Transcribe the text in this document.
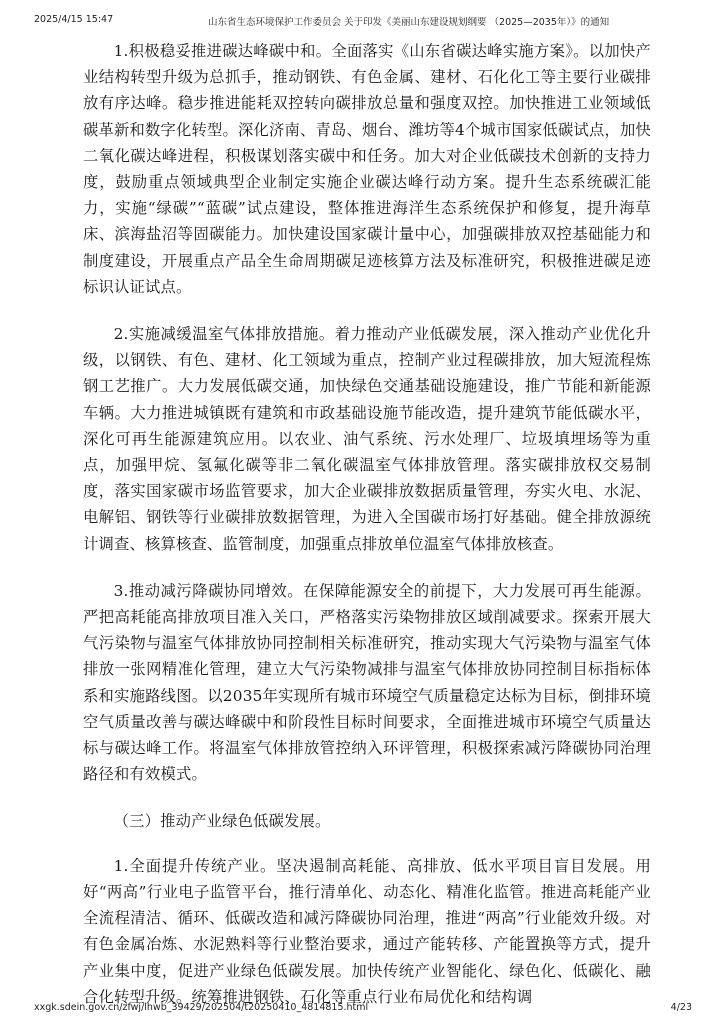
2025/4/15 15:47	山东省生态环境保护工作委员会 关于印发《美丽山东建设规划纲要 （2025—2035年）》的通知

1.积极稳妥推进碳达峰碳中和。全面落实《山东省碳达峰实施方案》。以加快产业结构转型升级为总抓手，推动钢铁、有色金属、建材、石化化工等主要行业碳排放有序达峰。稳步推进能耗双控转向碳排放总量和强度双控。加快推进工业领域低碳革新和数字化转型。深化济南、青岛、烟台、潍坊等4个城市国家低碳试点，加快二氧化碳达峰进程，积极谋划落实碳中和任务。加大对企业低碳技术创新的支持力度，鼓励重点领域典型企业制定实施企业碳达峰行动方案。提升生态系统碳汇能力，实施“绿碳”“蓝碳”试点建设，整体推进海洋生态系统保护和修复，提升海草床、滨海盐沼等固碳能力。加快建设国家碳计量中心，加强碳排放双控基础能力和制度建设，开展重点产品全生命周期碳足迹核算方法及标准研究，积极推进碳足迹标识认证试点。

2.实施减缓温室气体排放措施。着力推动产业低碳发展，深入推动产业优化升级，以钢铁、有色、建材、化工领域为重点，控制产业过程碳排放，加大短流程炼钢工艺推广。大力发展低碳交通，加快绿色交通基础设施建设，推广节能和新能源车辆。大力推进城镇既有建筑和市政基础设施节能改造，提升建筑节能低碳水平，深化可再生能源建筑应用。以农业、油气系统、污水处理厂、垃圾填埋场等为重点，加强甲烷、氢氟化碳等非二氧化碳温室气体排放管理。落实碳排放权交易制度，落实国家碳市场监管要求，加大企业碳排放数据质量管理，夯实火电、水泥、电解铝、钢铁等行业碳排放数据管理，为进入全国碳市场打好基础。健全排放源统计调查、核算核查、监管制度，加强重点排放单位温室气体排放核查。

3.推动减污降碳协同增效。在保障能源安全的前提下，大力发展可再生能源。严把高耗能高排放项目准入关口，严格落实污染物排放区域削减要求。探索开展大气污染物与温室气体排放协同控制相关标准研究，推动实现大气污染物与温室气体排放一张网精准化管理，建立大气污染物减排与温室气体排放协同控制目标指标体系和实施路线图。以2035年实现所有城市环境空气质量稳定达标为目标，倒排环境空气质量改善与碳达峰碳中和阶段性目标时间要求，全面推进城市环境空气质量达标与碳达峰工作。将温室气体排放管控纳入环评管理，积极探索减污降碳协同治理路径和有效模式。

（三）推动产业绿色低碳发展。

1.全面提升传统产业。坚决遏制高耗能、高排放、低水平项目盲目发展。用好“两高”行业电子监管平台，推行清单化、动态化、精准化监管。推进高耗能产业全流程清洁、循环、低碳改造和减污降碳协同治理，推进“两高”行业能效升级。对有色金属冶炼、水泥熟料等行业整治要求，通过产能转移、产能置换等方式，提升产业集中度，促进产业绿色低碳发展。加快传统产业智能化、绿色化、低碳化、融合化转型升级。统筹推进钢铁、石化等重点行业布局优化和结构调

xxgk.sdein.gov.cn/zfwj/lhwb_39429/202504/t20250410_4814815.html	4/23
